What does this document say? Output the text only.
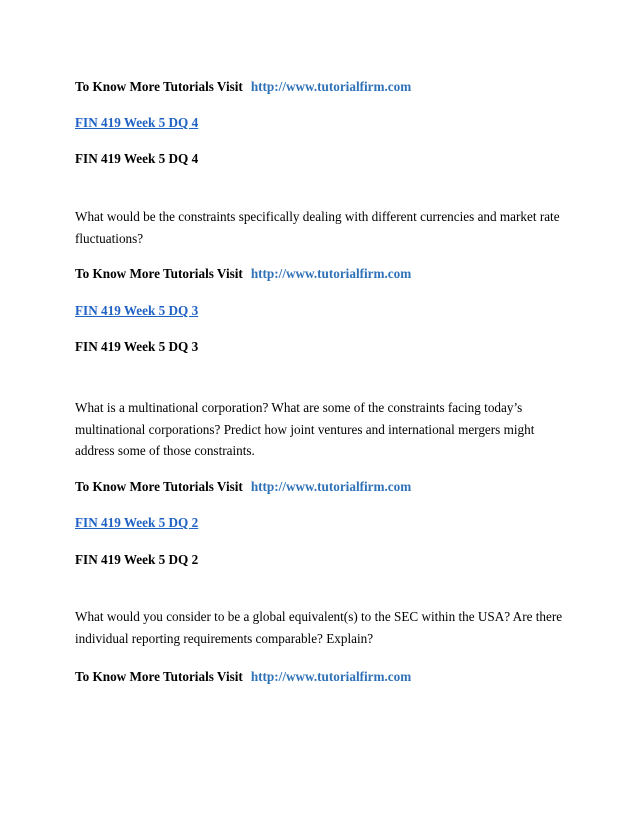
To Know More Tutorials Visit http://www.tutorialfirm.com
FIN 419 Week 5 DQ 4
FIN 419 Week 5 DQ 4
What would be the constraints specifically dealing with different currencies and market rate fluctuations?
To Know More Tutorials Visit http://www.tutorialfirm.com
FIN 419 Week 5 DQ 3
FIN 419 Week 5 DQ 3
What is a multinational corporation? What are some of the constraints facing today’s multinational corporations? Predict how joint ventures and international mergers might address some of those constraints.
To Know More Tutorials Visit http://www.tutorialfirm.com
FIN 419 Week 5 DQ 2
FIN 419 Week 5 DQ 2
What would you consider to be a global equivalent(s) to the SEC within the USA? Are there individual reporting requirements comparable? Explain?
To Know More Tutorials Visit http://www.tutorialfirm.com
